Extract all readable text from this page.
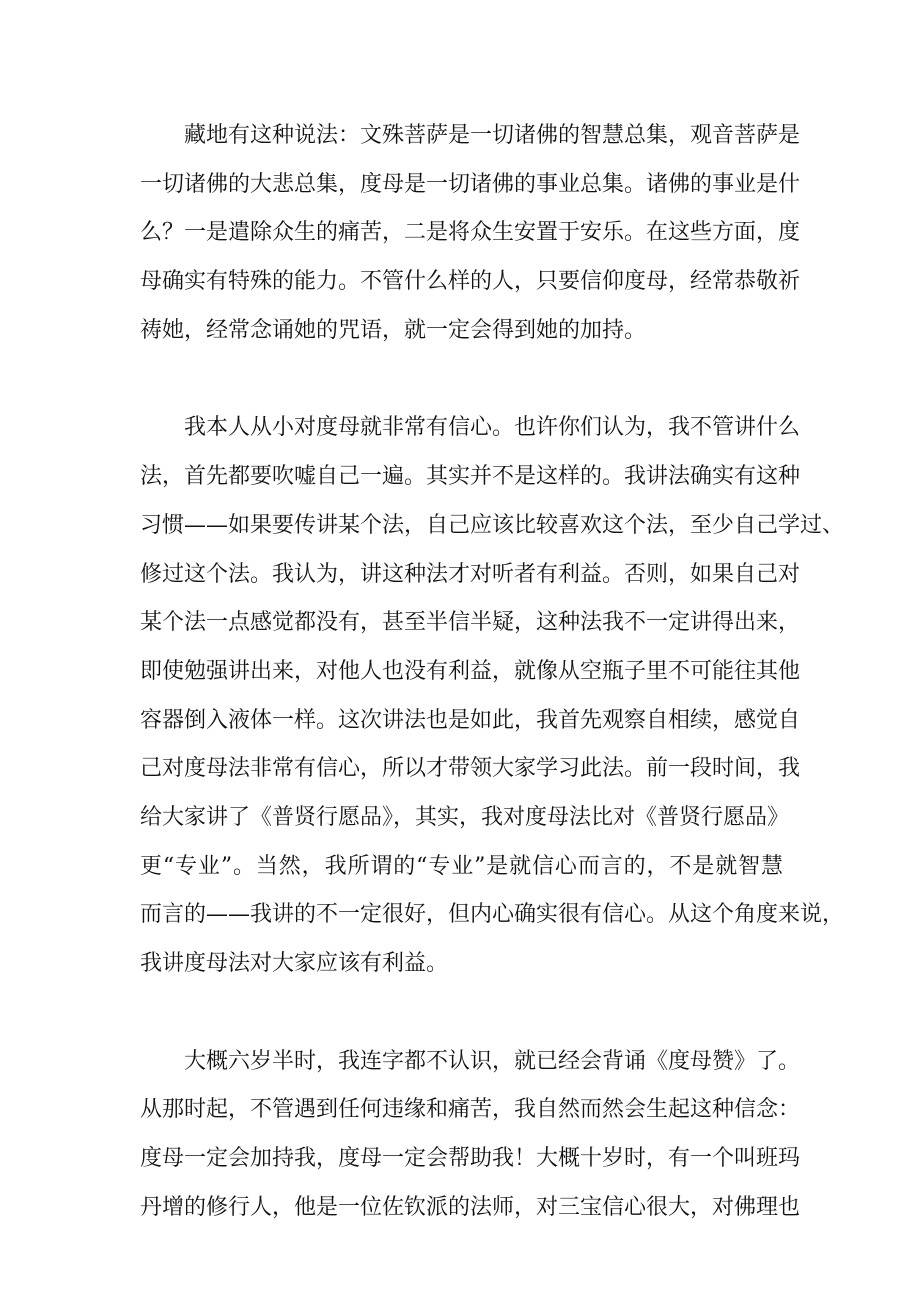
藏地有这种说法：文殊菩萨是一切诸佛的智慧总集，观音菩萨是
一切诸佛的大悲总集，度母是一切诸佛的事业总集。诸佛的事业是什
么？一是遣除众生的痛苦，二是将众生安置于安乐。在这些方面，度
母确实有特殊的能力。不管什么样的人，只要信仰度母，经常恭敬祈
祷她，经常念诵她的咒语，就一定会得到她的加持。

我本人从小对度母就非常有信心。也许你们认为，我不管讲什么
法，首先都要吹嘘自己一遍。其实并不是这样的。我讲法确实有这种
习惯——如果要传讲某个法，自己应该比较喜欢这个法，至少自己学过、
修过这个法。我认为，讲这种法才对听者有利益。否则，如果自己对
某个法一点感觉都没有，甚至半信半疑，这种法我不一定讲得出来，
即使勉强讲出来，对他人也没有利益，就像从空瓶子里不可能往其他
容器倒入液体一样。这次讲法也是如此，我首先观察自相续，感觉自
己对度母法非常有信心，所以才带领大家学习此法。前一段时间，我
给大家讲了《普贤行愿品》，其实，我对度母法比对《普贤行愿品》
更“专业”。当然，我所谓的“专业”是就信心而言的，不是就智慧
而言的——我讲的不一定很好，但内心确实很有信心。从这个角度来说，
我讲度母法对大家应该有利益。

大概六岁半时，我连字都不认识，就已经会背诵《度母赞》了。
从那时起，不管遇到任何违缘和痛苦，我自然而然会生起这种信念：
度母一定会加持我，度母一定会帮助我！大概十岁时，有一个叫班玛
丹增的修行人，他是一位佐钦派的法师，对三宝信心很大，对佛理也
